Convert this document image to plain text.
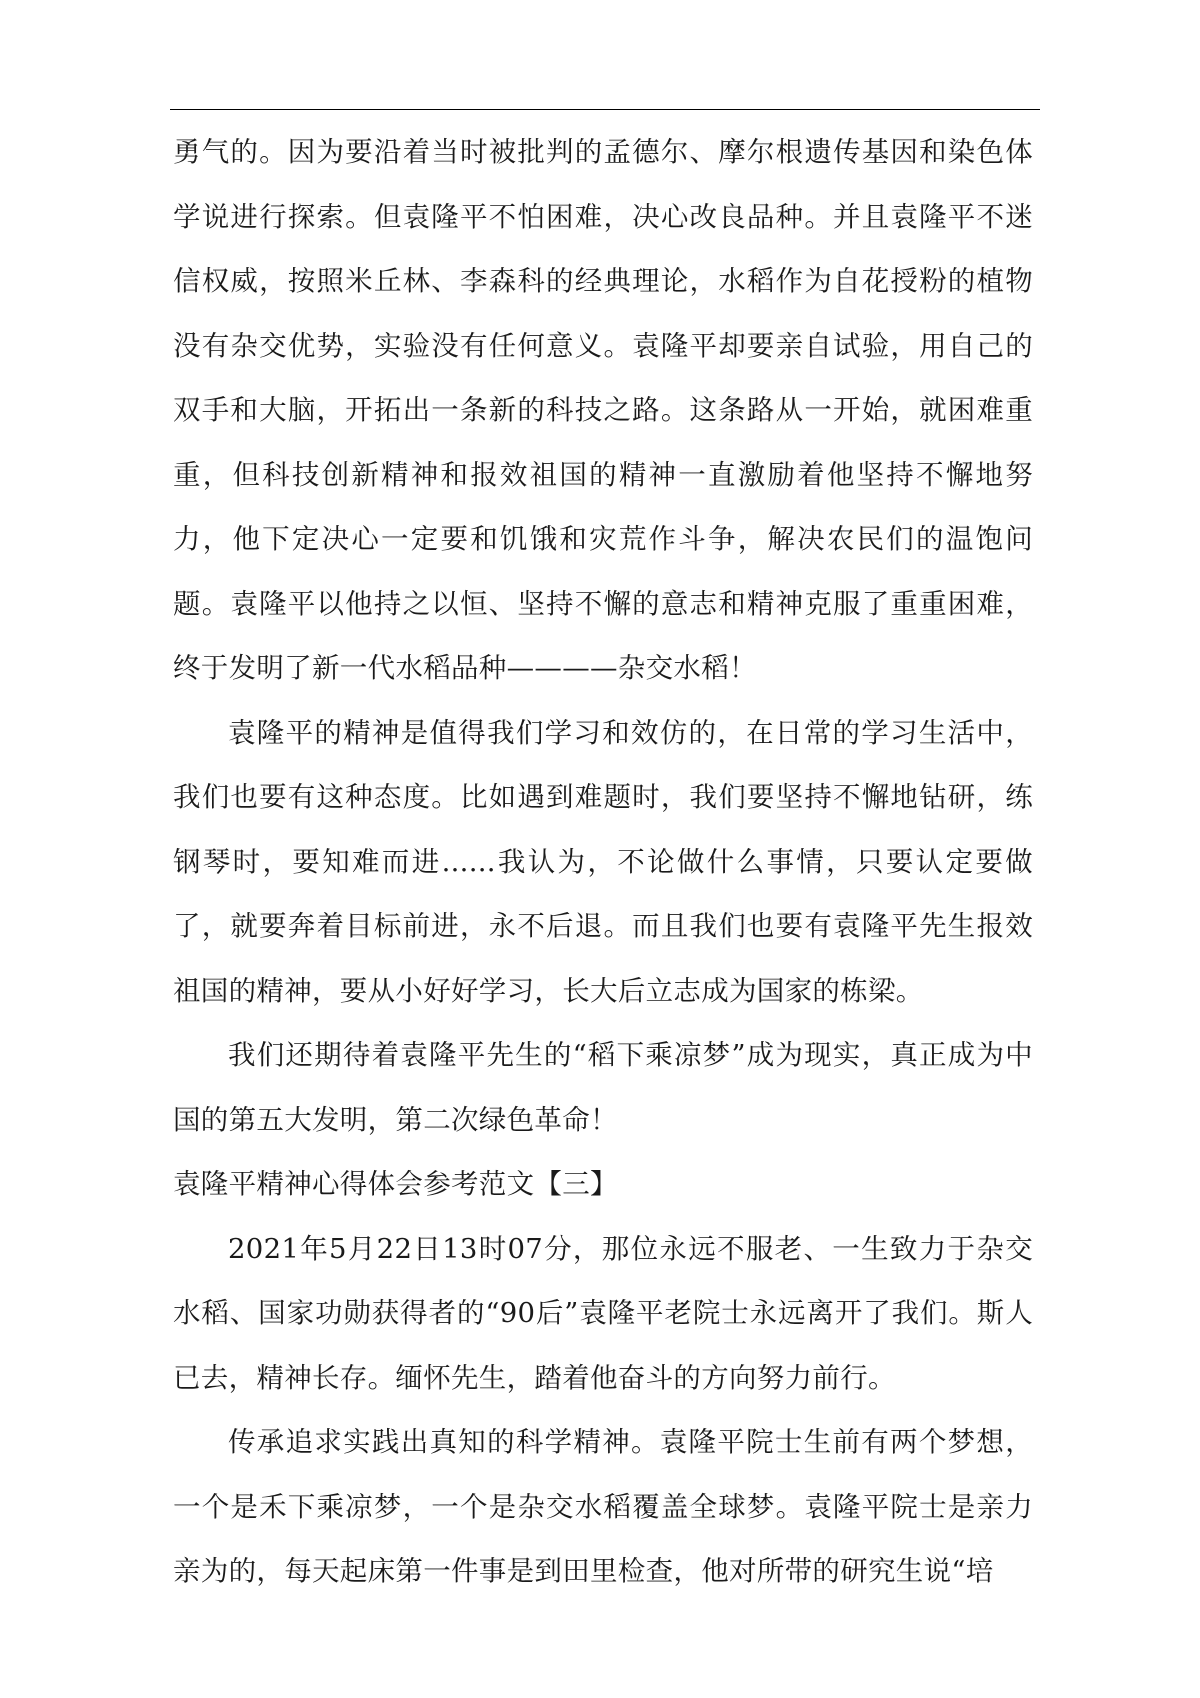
勇气的。因为要沿着当时被批判的孟德尔、摩尔根遗传基因和染色体学说进行探索。但袁隆平不怕困难，决心改良品种。并且袁隆平不迷信权威，按照米丘林、李森科的经典理论，水稻作为自花授粉的植物没有杂交优势，实验没有任何意义。袁隆平却要亲自试验，用自己的双手和大脑，开拓出一条新的科技之路。这条路从一开始，就困难重重，但科技创新精神和报效祖国的精神一直激励着他坚持不懈地努力，他下定决心一定要和饥饿和灾荒作斗争，解决农民们的温饱问题。袁隆平以他持之以恒、坚持不懈的意志和精神克服了重重困难，终于发明了新一代水稻品种————杂交水稻！

袁隆平的精神是值得我们学习和效仿的，在日常的学习生活中，我们也要有这种态度。比如遇到难题时，我们要坚持不懈地钻研，练钢琴时，要知难而进......我认为，不论做什么事情，只要认定要做了，就要奔着目标前进，永不后退。而且我们也要有袁隆平先生报效祖国的精神，要从小好好学习，长大后立志成为国家的栋梁。

我们还期待着袁隆平先生的“稻下乘凉梦”成为现实，真正成为中国的第五大发明，第二次绿色革命！

袁隆平精神心得体会参考范文【三】

2021年5月22日13时07分，那位永远不服老、一生致力于杂交水稻、国家功勋获得者的“90后”袁隆平老院士永远离开了我们。斯人已去，精神长存。缅怀先生，踏着他奋斗的方向努力前行。

传承追求实践出真知的科学精神。袁隆平院士生前有两个梦想，一个是禾下乘凉梦，一个是杂交水稻覆盖全球梦。袁隆平院士是亲力亲为的，每天起床第一件事是到田里检查，他对所带的研究生说“培
